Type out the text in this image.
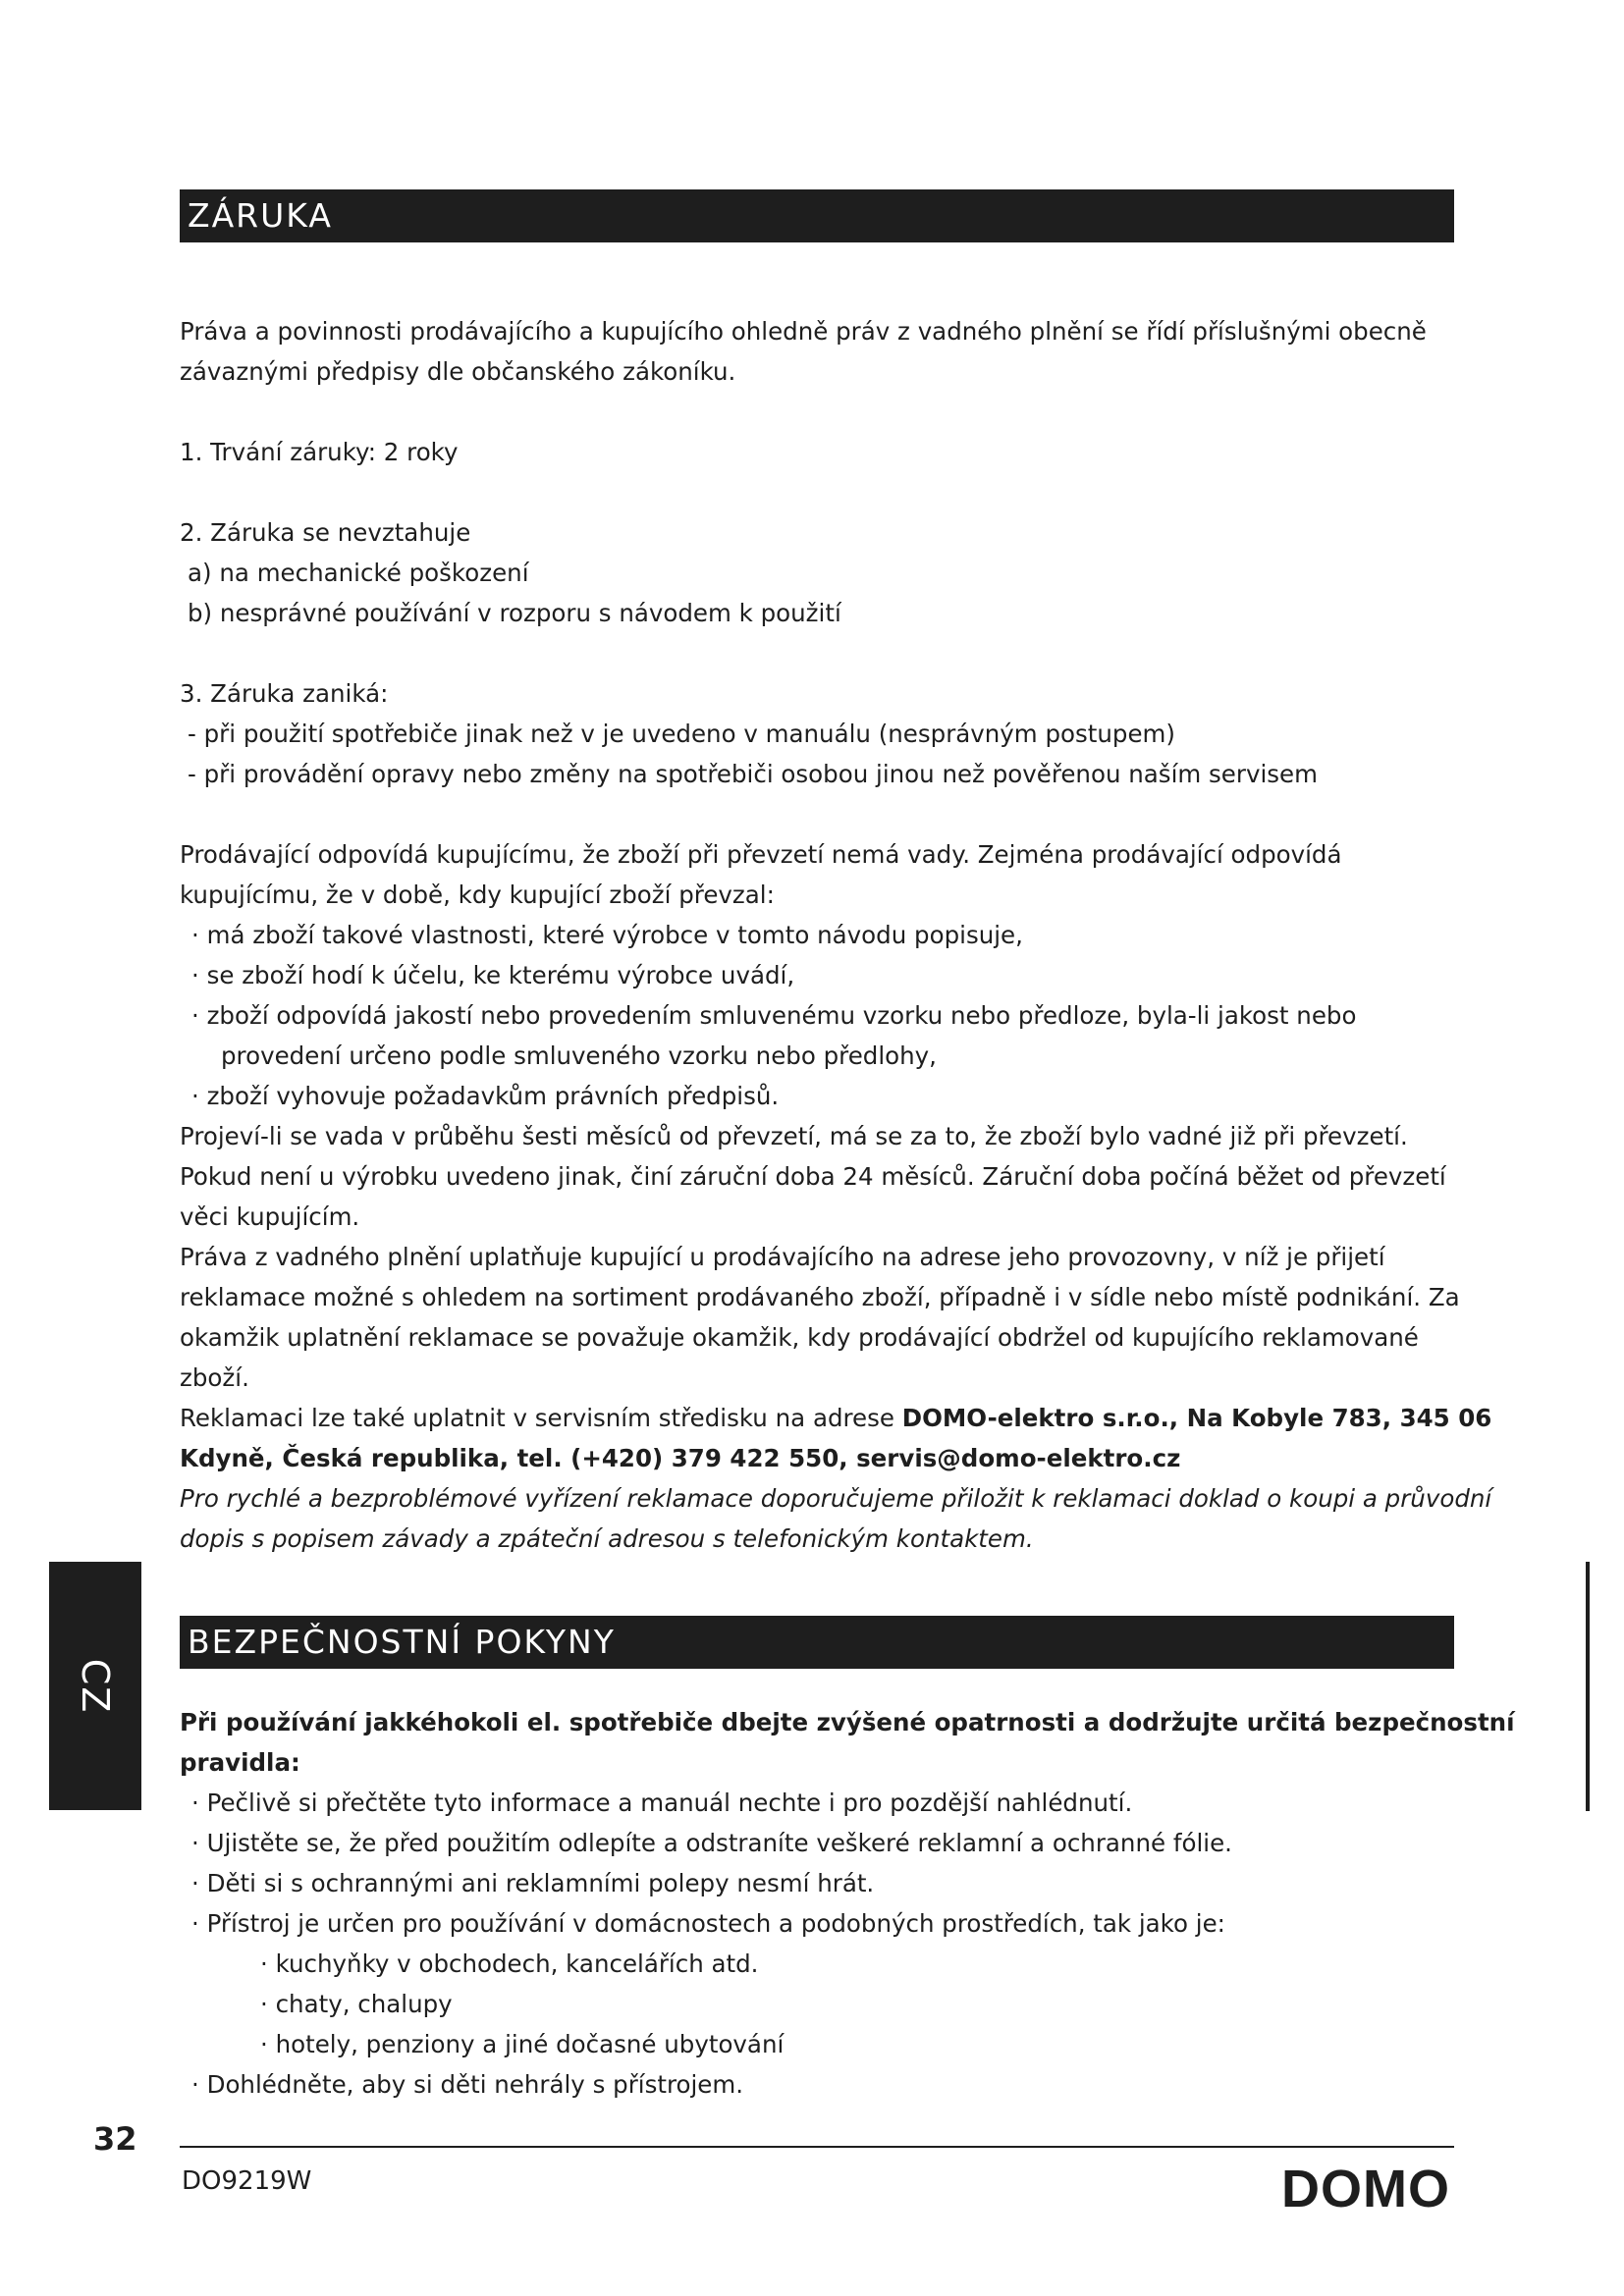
ZÁRUKA

Práva a povinnosti prodávajícího a kupujícího ohledně práv z vadného plnění se řídí příslušnými obecně

závaznými předpisy dle občanského zákoníku.

1. Trvání záruky: 2 roky

2. Záruka se nevztahuje

a) na mechanické poškození

b) nesprávné používání v rozporu s návodem k použití

3. Záruka zaniká:

- při použití spotřebiče jinak než v je uvedeno v manuálu (nesprávným postupem)

- při provádění opravy nebo změny na spotřebiči osobou jinou než pověřenou naším servisem

Prodávající odpovídá kupujícímu, že zboží při převzetí nemá vady. Zejména prodávající odpovídá

kupujícímu, že v době, kdy kupující zboží převzal:

· má zboží takové vlastnosti, které výrobce v tomto návodu popisuje,

· se zboží hodí k účelu, ke kterému výrobce uvádí,

· zboží odpovídá jakostí nebo provedením smluvenému vzorku nebo předloze, byla-li jakost nebo

provedení určeno podle smluveného vzorku nebo předlohy,

· zboží vyhovuje požadavkům právních předpisů.

Projeví-li se vada v průběhu šesti měsíců od převzetí, má se za to, že zboží bylo vadné již při převzetí.

Pokud není u výrobku uvedeno jinak, činí záruční doba 24 měsíců. Záruční doba počíná běžet od převzetí

věci kupujícím.

Práva z vadného plnění uplatňuje kupující u prodávajícího na adrese jeho provozovny, v níž je přijetí

reklamace možné s ohledem na sortiment prodávaného zboží, případně i v sídle nebo místě podnikání. Za

okamžik uplatnění reklamace se považuje okamžik, kdy prodávající obdržel od kupujícího reklamované

zboží.

Reklamaci lze také uplatnit v servisním středisku na adrese DOMO-elektro s.r.o., Na Kobyle 783, 345 06

Kdyně, Česká republika, tel. (+420) 379 422 550, servis@domo-elektro.cz

Pro rychlé a bezproblémové vyřízení reklamace doporučujeme přiložit k reklamaci doklad o koupi a průvodní

dopis s popisem závady a zpáteční adresou s telefonickým kontaktem.

BEZPEČNOSTNÍ POKYNY

Při používání jakkéhokoli el. spotřebiče dbejte zvýšené opatrnosti a dodržujte určitá bezpečnostní

pravidla:

· Pečlivě si přečtěte tyto informace a manuál nechte i pro pozdější nahlédnutí.

· Ujistěte se, že před použitím odlepíte a odstraníte veškeré reklamní a ochranné fólie.

· Děti si s ochrannými ani reklamními polepy nesmí hrát.

· Přístroj je určen pro používání v domácnostech a podobných prostředích, tak jako je:

· kuchyňky v obchodech, kancelářích atd.

· chaty, chalupy

· hotely, penziony a jiné dočasné ubytování

· Dohlédněte, aby si děti nehrály s přístrojem.

CZ
32
DO9219W	DOMO
